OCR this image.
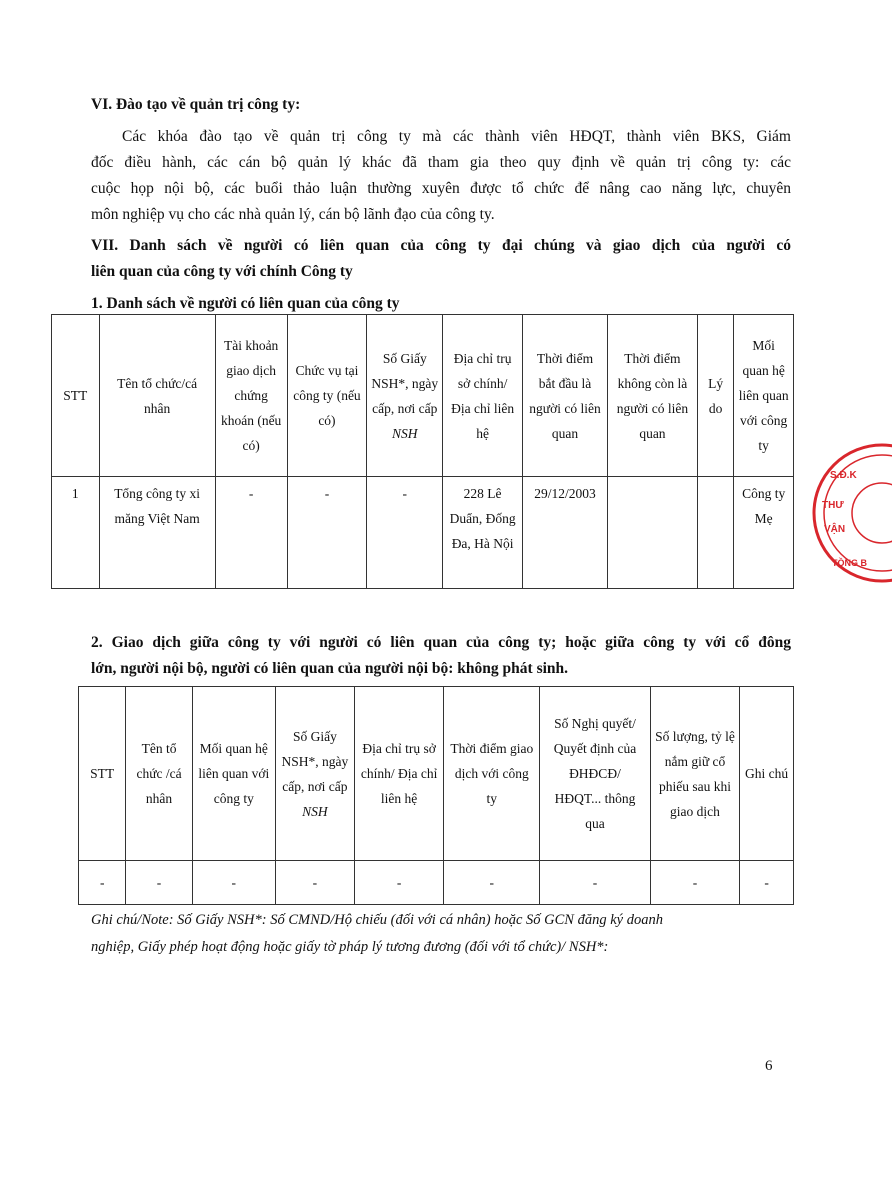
VI. Đào tạo về quản trị công ty:
Các khóa đào tạo về quản trị công ty mà các thành viên HĐQT, thành viên BKS, Giám
đốc điều hành, các cán bộ quản lý khác đã tham gia theo quy định về quản trị công ty: các
cuộc họp nội bộ, các buổi thảo luận thường xuyên được tổ chức để nâng cao năng lực, chuyên
môn nghiệp vụ cho các nhà quản lý, cán bộ lãnh đạo của công ty.
VII. Danh sách về người có liên quan của công ty đại chúng và giao dịch của người có
liên quan của công ty với chính Công ty
1. Danh sách về người có liên quan của công ty
STT	Tên tổ chức/cá nhân	Tài khoản giao dịch chứng khoán (nếu có)	Chức vụ tại công ty (nếu có)	Số Giấy NSH*, ngày cấp, nơi cấp NSH	Địa chỉ trụ sở chính/ Địa chỉ liên hệ	Thời điểm bắt đầu là người có liên quan	Thời điểm không còn là người có liên quan	Lý do	Mối quan hệ liên quan với công ty
1	Tổng công ty xi măng Việt Nam	-	-	-	228 Lê Duẩn, Đống Đa, Hà Nội	29/12/2003			Công ty Mẹ
2. Giao dịch giữa công ty với người có liên quan của công ty; hoặc giữa công ty với cổ đông
lớn, người nội bộ, người có liên quan của người nội bộ: không phát sinh.
STT	Tên tổ chức /cá nhân	Mối quan hệ liên quan với công ty	Số Giấy NSH*, ngày cấp, nơi cấp NSH	Địa chỉ trụ sở chính/ Địa chỉ liên hệ	Thời điểm giao dịch với công ty	Số Nghị quyết/ Quyết định của ĐHĐCĐ/ HĐQT... thông qua	Số lượng, tỷ lệ nắm giữ cổ phiếu sau khi giao dịch	Ghi chú
-	-	-	-	-	-	-	-	-
Ghi chú/Note: Số Giấy NSH*: Số CMND/Hộ chiếu (đối với cá nhân) hoặc Số GCN đăng ký doanh
nghiệp, Giấy phép hoạt động hoặc giấy tờ pháp lý tương đương (đối với tổ chức)/ NSH*:
6
S.Đ.K
THƯ
VẬN
TỒNG B
